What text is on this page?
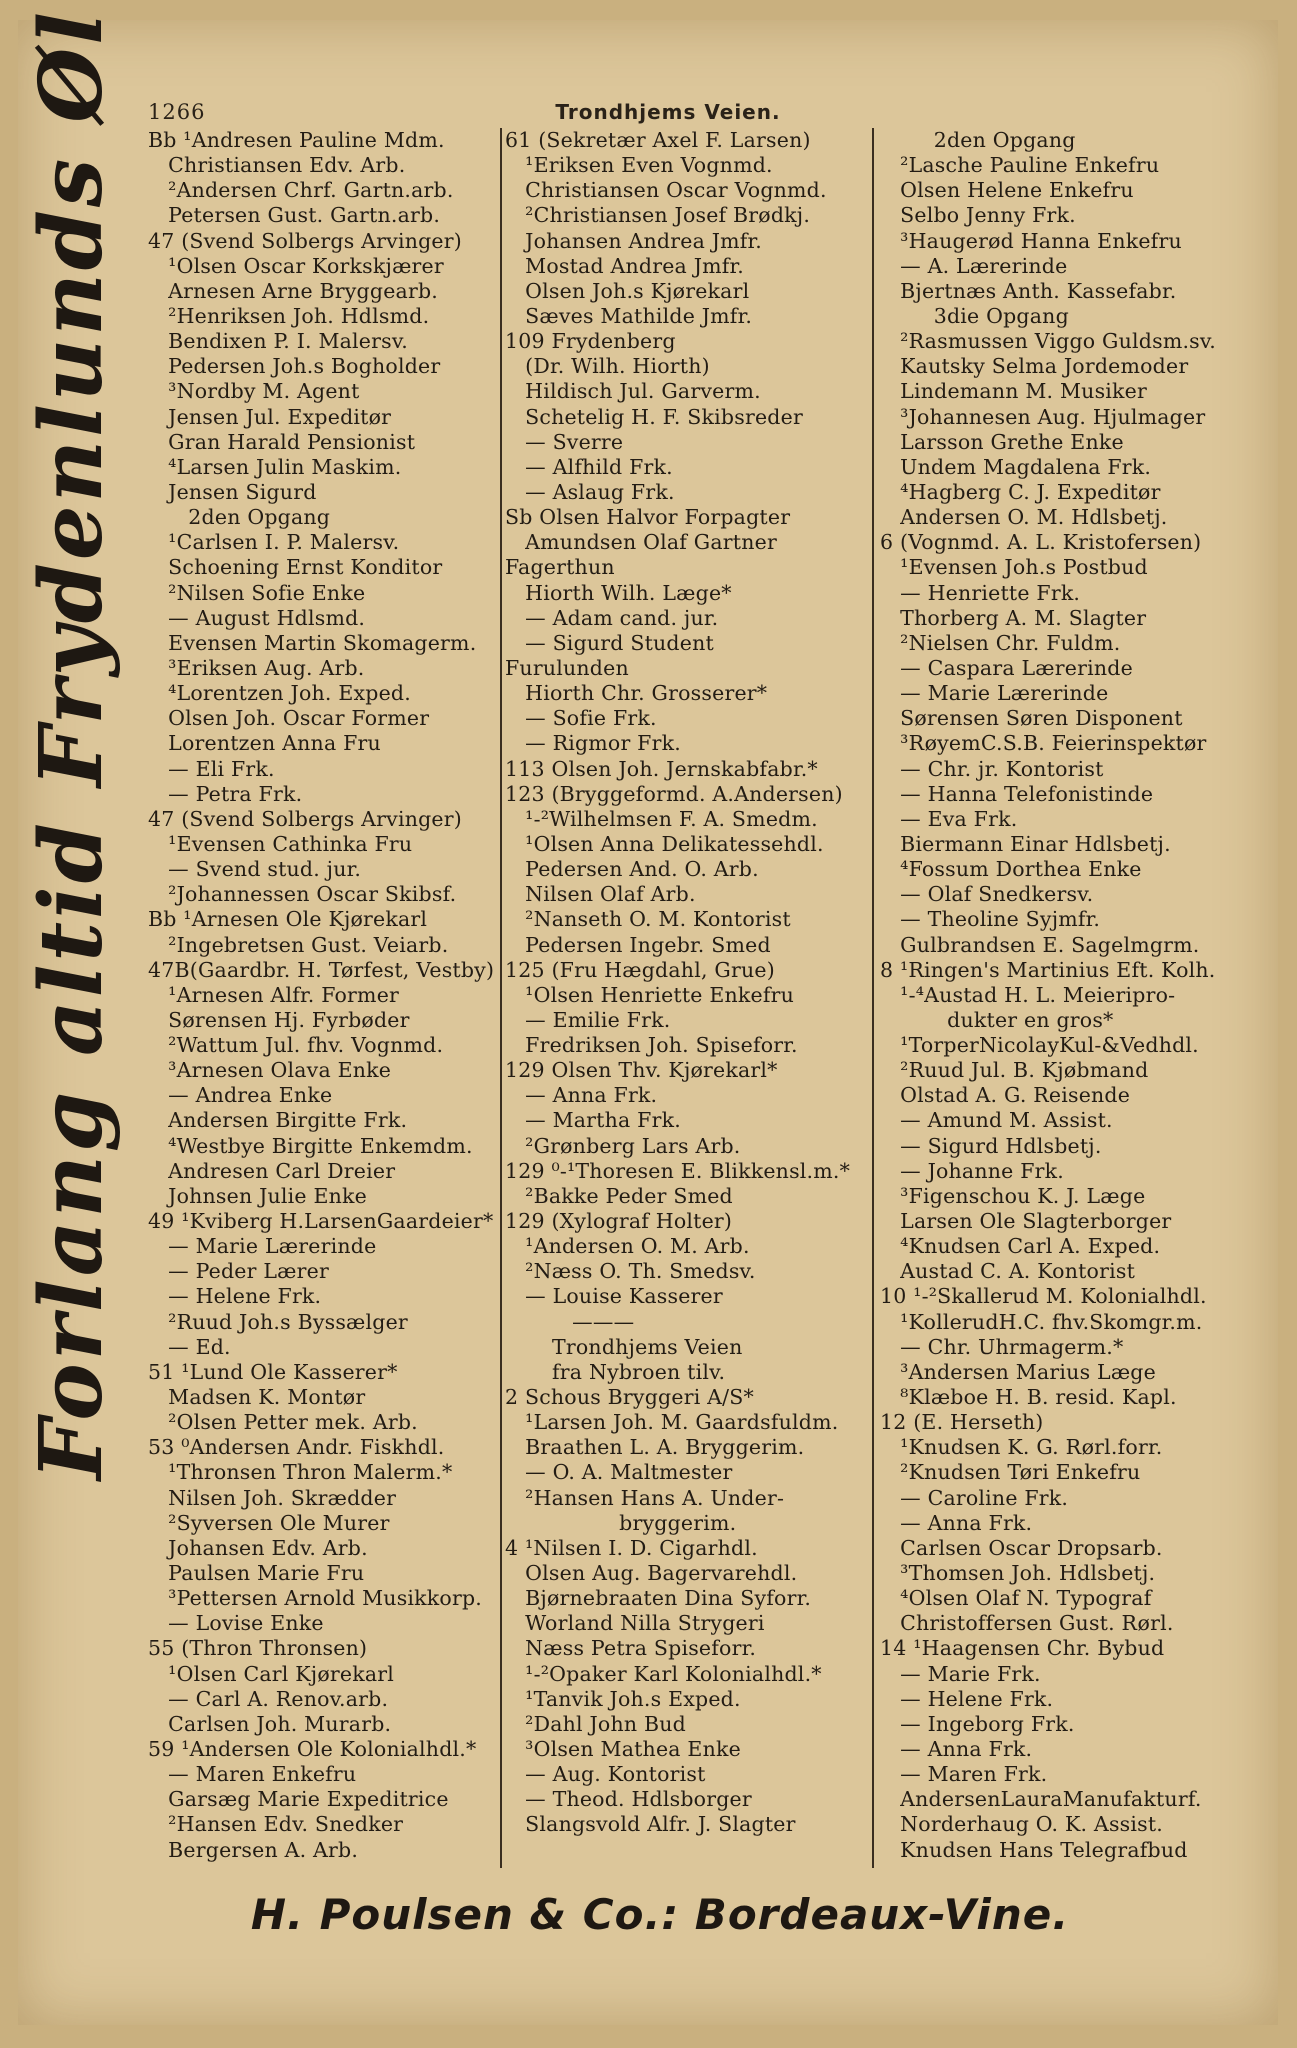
1266	Trondhjems Veien.
Forlang altid Frydenlunds Øl Bb ¹Andresen Pauline Mdm.
Christiansen Edv. Arb.
²Andersen Chrf. Gartn.arb.
Petersen Gust. Gartn.arb.
47 (Svend Solbergs Arvinger)
¹Olsen Oscar Korkskjærer
Arnesen Arne Bryggearb.
²Henriksen Joh. Hdlsmd.
Bendixen P. I. Malersv.
Pedersen Joh.s Bogholder
³Nordby M. Agent
Jensen Jul. Expeditør
Gran Harald Pensionist
⁴Larsen Julin Maskim.
Jensen Sigurd
2den Opgang
¹Carlsen I. P. Malersv.
Schoening Ernst Konditor
²Nilsen Sofie Enke
— August Hdlsmd.
Evensen Martin Skomagerm.
³Eriksen Aug. Arb.
⁴Lorentzen Joh. Exped.
Olsen Joh. Oscar Former
Lorentzen Anna Fru
— Eli Frk.
— Petra Frk.
47 (Svend Solbergs Arvinger)
¹Evensen Cathinka Fru
— Svend stud. jur.
²Johannessen Oscar Skibsf.
Bb ¹Arnesen Ole Kjørekarl
²Ingebretsen Gust. Veiarb.
47B(Gaardbr. H. Tørfest, Vestby)
¹Arnesen Alfr. Former
Sørensen Hj. Fyrbøder
²Wattum Jul. fhv. Vognmd.
³Arnesen Olava Enke
— Andrea Enke
Andersen Birgitte Frk.
⁴Westbye Birgitte Enkemdm.
Andresen Carl Dreier
Johnsen Julie Enke
49 ¹Kviberg H.LarsenGaardeier*
— Marie Lærerinde
— Peder Lærer
— Helene Frk.
²Ruud Joh.s Byssælger
— Ed.
51 ¹Lund Ole Kasserer*
Madsen K. Montør
²Olsen Petter mek. Arb.
53 ⁰Andersen Andr. Fiskhdl.
¹Thronsen Thron Malerm.*
Nilsen Joh. Skrædder
²Syversen Ole Murer
Johansen Edv. Arb.
Paulsen Marie Fru
³Pettersen Arnold Musikkorp.
— Lovise Enke
55 (Thron Thronsen)
¹Olsen Carl Kjørekarl
— Carl A. Renov.arb.
Carlsen Joh. Murarb.
59 ¹Andersen Ole Kolonialhdl.*
— Maren Enkefru
Garsæg Marie Expeditrice
²Hansen Edv. Snedker
Bergersen A. Arb.
61 (Sekretær Axel F. Larsen)
¹Eriksen Even Vognmd.
Christiansen Oscar Vognmd.
²Christiansen Josef Brødkj.
Johansen Andrea Jmfr.
Mostad Andrea Jmfr.
Olsen Joh.s Kjørekarl
Sæves Mathilde Jmfr.
109 Frydenberg
(Dr. Wilh. Hiorth)
Hildisch Jul. Garverm.
Schetelig H. F. Skibsreder
— Sverre
— Alfhild Frk.
— Aslaug Frk.
Sb Olsen Halvor Forpagter
Amundsen Olaf Gartner
Fagerthun
Hiorth Wilh. Læge*
— Adam cand. jur.
— Sigurd Student
Furulunden
Hiorth Chr. Grosserer*
— Sofie Frk.
— Rigmor Frk.
113 Olsen Joh. Jernskabfabr.*
123 (Bryggeformd. A.Andersen)
¹-²Wilhelmsen F. A. Smedm.
¹Olsen Anna Delikatessehdl.
Pedersen And. O. Arb.
Nilsen Olaf Arb.
²Nanseth O. M. Kontorist
Pedersen Ingebr. Smed
125 (Fru Hægdahl, Grue)
¹Olsen Henriette Enkefru
— Emilie Frk.
Fredriksen Joh. Spiseforr.
129 Olsen Thv. Kjørekarl*
— Anna Frk.
— Martha Frk.
²Grønberg Lars Arb.
129 ⁰-¹Thoresen E. Blikkensl.m.*
²Bakke Peder Smed
129 (Xylograf Holter)
¹Andersen O. M. Arb.
²Næss O. Th. Smedsv.
— Louise Kasserer
———
Trondhjems Veien
fra Nybroen tilv.
2 Schous Bryggeri A/S*
¹Larsen Joh. M. Gaardsfuldm.
Braathen L. A. Bryggerim.
— O. A. Maltmester
²Hansen Hans A. Under-
bryggerim.
4 ¹Nilsen I. D. Cigarhdl.
Olsen Aug. Bagervarehdl.
Bjørnebraaten Dina Syforr.
Worland Nilla Strygeri
Næss Petra Spiseforr.
¹-²Opaker Karl Kolonialhdl.*
¹Tanvik Joh.s Exped.
²Dahl John Bud
³Olsen Mathea Enke
— Aug. Kontorist
— Theod. Hdlsborger
Slangsvold Alfr. J. Slagter
2den Opgang
²Lasche Pauline Enkefru
Olsen Helene Enkefru
Selbo Jenny Frk.
³Haugerød Hanna Enkefru
— A. Lærerinde
Bjertnæs Anth. Kassefabr.
3die Opgang
²Rasmussen Viggo Guldsm.sv.
Kautsky Selma Jordemoder
Lindemann M. Musiker
³Johannesen Aug. Hjulmager
Larsson Grethe Enke
Undem Magdalena Frk.
⁴Hagberg C. J. Expeditør
Andersen O. M. Hdlsbetj.
6 (Vognmd. A. L. Kristofersen)
¹Evensen Joh.s Postbud
— Henriette Frk.
Thorberg A. M. Slagter
²Nielsen Chr. Fuldm.
— Caspara Lærerinde
— Marie Lærerinde
Sørensen Søren Disponent
³RøyemC.S.B. Feierinspektør
— Chr. jr. Kontorist
— Hanna Telefonistinde
— Eva Frk.
Biermann Einar Hdlsbetj.
⁴Fossum Dorthea Enke
— Olaf Snedkersv.
— Theoline Syjmfr.
Gulbrandsen E. Sagelmgrm.
8 ¹Ringen's Martinius Eft. Kolh.
¹-⁴Austad H. L. Meieripro-
dukter en gros*
¹TorperNicolayKul-&Vedhdl.
²Ruud Jul. B. Kjøbmand
Olstad A. G. Reisende
— Amund M. Assist.
— Sigurd Hdlsbetj.
— Johanne Frk.
³Figenschou K. J. Læge
Larsen Ole Slagterborger
⁴Knudsen Carl A. Exped.
Austad C. A. Kontorist
10 ¹-²Skallerud M. Kolonialhdl.
¹KollerudH.C. fhv.Skomgr.m.
— Chr. Uhrmagerm.*
³Andersen Marius Læge
⁸Klæboe H. B. resid. Kapl.
12 (E. Herseth)
¹Knudsen K. G. Rørl.forr.
²Knudsen Tøri Enkefru
— Caroline Frk.
— Anna Frk.
Carlsen Oscar Dropsarb.
³Thomsen Joh. Hdlsbetj.
⁴Olsen Olaf N. Typograf
Christoffersen Gust. Rørl.
14 ¹Haagensen Chr. Bybud
— Marie Frk.
— Helene Frk.
— Ingeborg Frk.
— Anna Frk.
— Maren Frk.
AndersenLauraManufakturf.
Norderhaug O. K. Assist.
Knudsen Hans Telegrafbud
H. Poulsen & Co.: Bordeaux-Vine.
